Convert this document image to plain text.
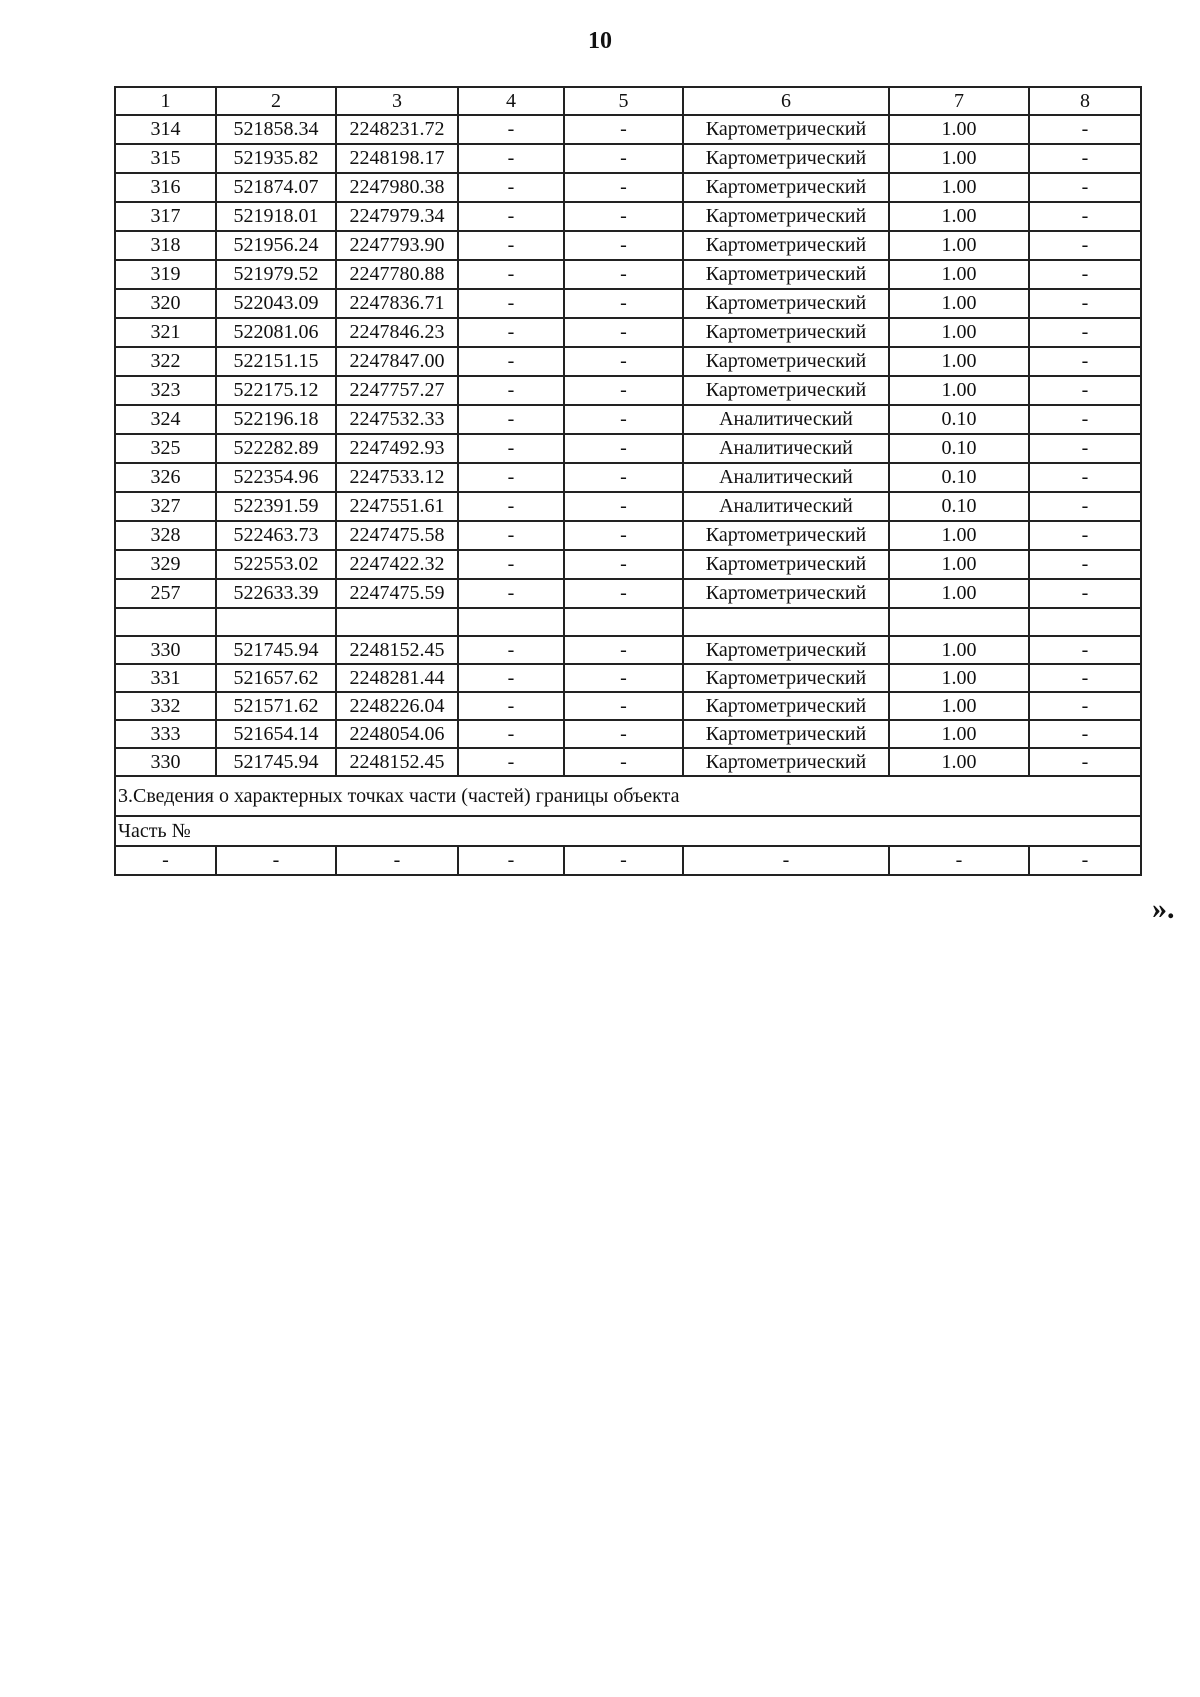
10
1	2	3	4	5	6	7	8
314	521858.34	2248231.72	-	-	Картометрический	1.00	-
315	521935.82	2248198.17	-	-	Картометрический	1.00	-
316	521874.07	2247980.38	-	-	Картометрический	1.00	-
317	521918.01	2247979.34	-	-	Картометрический	1.00	-
318	521956.24	2247793.90	-	-	Картометрический	1.00	-
319	521979.52	2247780.88	-	-	Картометрический	1.00	-
320	522043.09	2247836.71	-	-	Картометрический	1.00	-
321	522081.06	2247846.23	-	-	Картометрический	1.00	-
322	522151.15	2247847.00	-	-	Картометрический	1.00	-
323	522175.12	2247757.27	-	-	Картометрический	1.00	-
324	522196.18	2247532.33	-	-	Аналитический	0.10	-
325	522282.89	2247492.93	-	-	Аналитический	0.10	-
326	522354.96	2247533.12	-	-	Аналитический	0.10	-
327	522391.59	2247551.61	-	-	Аналитический	0.10	-
328	522463.73	2247475.58	-	-	Картометрический	1.00	-
329	522553.02	2247422.32	-	-	Картометрический	1.00	-
257	522633.39	2247475.59	-	-	Картометрический	1.00	-

330	521745.94	2248152.45	-	-	Картометрический	1.00	-
331	521657.62	2248281.44	-	-	Картометрический	1.00	-
332	521571.62	2248226.04	-	-	Картометрический	1.00	-
333	521654.14	2248054.06	-	-	Картометрический	1.00	-
330	521745.94	2248152.45	-	-	Картометрический	1.00	-
3.Сведения о характерных точках части (частей) границы объекта							
Часть №							
-	-	-	-	-	-	-	-
».
